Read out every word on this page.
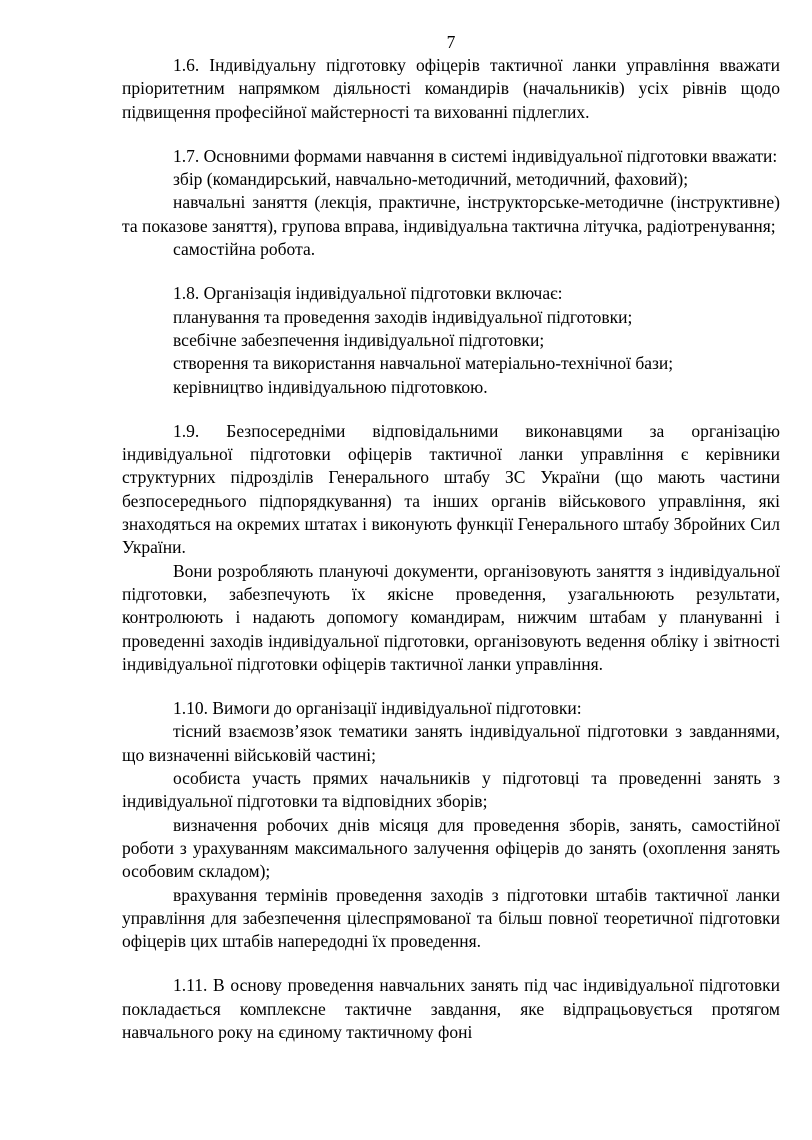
7

1.6. Індивідуальну підготовку офіцерів тактичної ланки управління вважати пріоритетним напрямком діяльності командирів (начальників) усіх рівнів щодо підвищення професійної майстерності та вихованні підлеглих.

1.7. Основними формами навчання в системі індивідуальної підготовки вважати:

збір (командирський, навчально-методичний, методичний, фаховий);

навчальні заняття (лекція, практичне, інструкторське-методичне (інструктивне) та показове заняття), групова вправа, індивідуальна тактична літучка, радіотренування;

самостійна робота.

1.8. Організація індивідуальної підготовки включає:

планування та проведення заходів індивідуальної підготовки;

всебічне забезпечення індивідуальної підготовки;

створення та використання навчальної матеріально-технічної бази;

керівництво індивідуальною підготовкою.

1.9. Безпосередніми відповідальними виконавцями за організацію індивідуальної підготовки офіцерів тактичної ланки управління є керівники структурних підрозділів Генерального штабу ЗС України (що мають частини безпосереднього підпорядкування) та інших органів військового управління, які знаходяться на окремих штатах і виконують функції Генерального штабу Збройних Сил України.

Вони розробляють плануючі документи, організовують заняття з індивідуальної підготовки, забезпечують їх якісне проведення, узагальнюють результати, контролюють і надають допомогу командирам, нижчим штабам у плануванні і проведенні заходів індивідуальної підготовки, організовують ведення обліку і звітності індивідуальної підготовки офіцерів тактичної ланки управління.

1.10. Вимоги до організації індивідуальної підготовки:

тісний взаємозв’язок тематики занять індивідуальної підготовки з завданнями, що визначенні військовій частині;

особиста участь прямих начальників у підготовці та проведенні занять з індивідуальної підготовки та відповідних зборів;

визначення робочих днів місяця для проведення зборів, занять, самостійної роботи з урахуванням максимального залучення офіцерів до занять (охоплення занять особовим складом);

врахування термінів проведення заходів з підготовки штабів тактичної ланки управління для забезпечення цілеспрямованої та більш повної теоретичної підготовки офіцерів цих штабів напередодні їх проведення.

1.11. В основу проведення навчальних занять під час індивідуальної підготовки покладається комплексне тактичне завдання, яке відпрацьовується протягом навчального року на єдиному тактичному фоні
